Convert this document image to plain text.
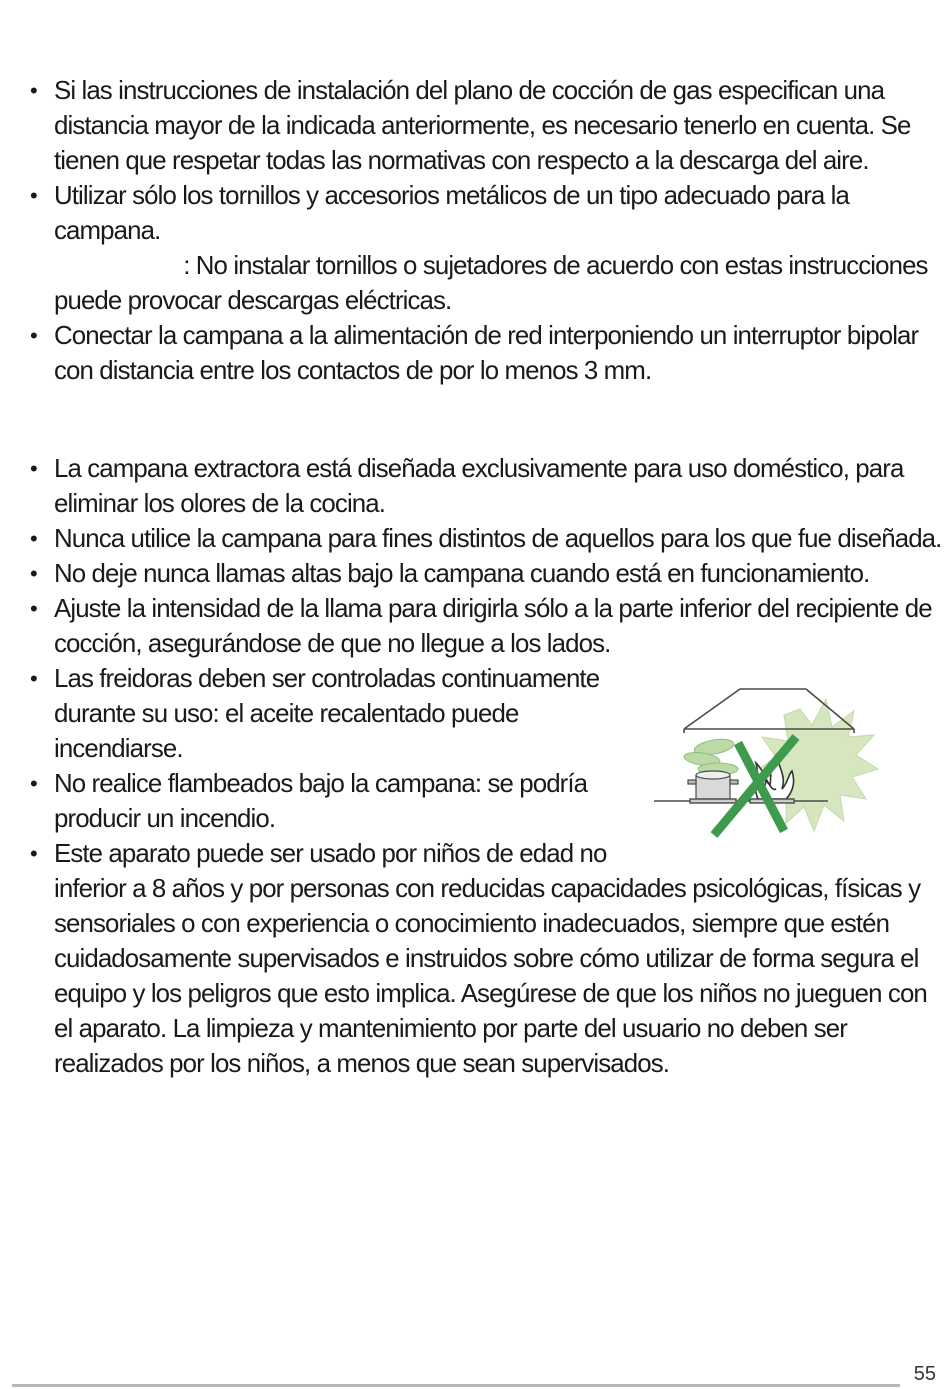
• Si las instrucciones de instalación del plano de cocción de gas especifican una
distancia mayor de la indicada anteriormente, es necesario tenerlo en cuenta. Se
tienen que respetar todas las normativas con respecto a la descarga del aire.
• Utilizar sólo los tornillos y accesorios metálicos de un tipo adecuado para la
campana.
: No instalar tornillos o sujetadores de acuerdo con estas instrucciones
puede provocar descargas eléctricas.
• Conectar la campana a la alimentación de red interponiendo un interruptor bipolar
con distancia entre los contactos de por lo menos 3 mm.
• La campana extractora está diseñada exclusivamente para uso doméstico, para
eliminar los olores de la cocina.
• Nunca utilice la campana para fines distintos de aquellos para los que fue diseñada.
• No deje nunca llamas altas bajo la campana cuando está en funcionamiento.
• Ajuste la intensidad de la llama para dirigirla sólo a la parte inferior del recipiente de
cocción, asegurándose de que no llegue a los lados.
• Las freidoras deben ser controladas continuamente
durante su uso: el aceite recalentado puede
incendiarse.
• No realice flambeados bajo la campana: se podría
producir un incendio.
• Este aparato puede ser usado por niños de edad no
inferior a 8 años y por personas con reducidas capacidades psicológicas, físicas y
sensoriales o con experiencia o conocimiento inadecuados, siempre que estén
cuidadosamente supervisados e instruidos sobre cómo utilizar de forma segura el
equipo y los peligros que esto implica. Asegúrese de que los niños no jueguen con
el aparato. La limpieza y mantenimiento por parte del usuario no deben ser
realizados por los niños, a menos que sean supervisados.
55
